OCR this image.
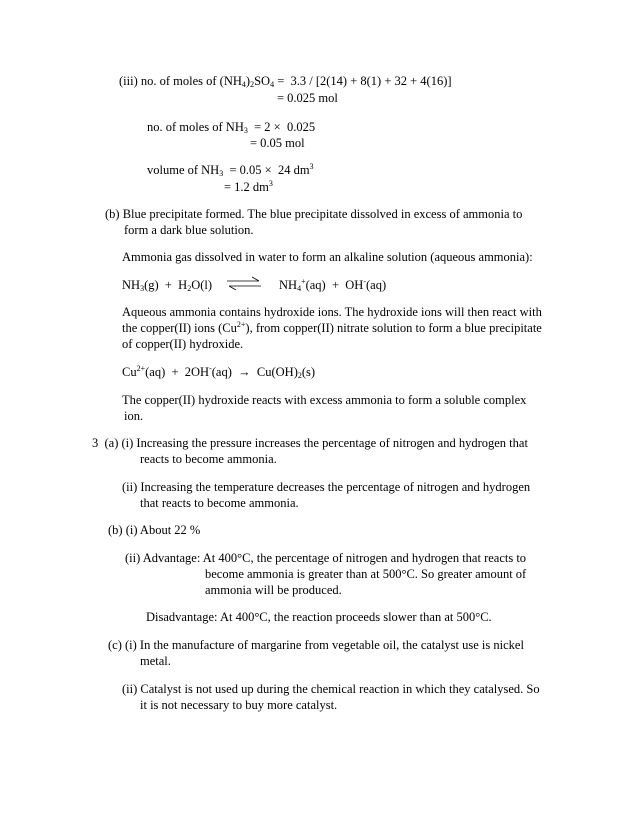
(iii) no. of moles of $(NH_4)_2SO_4 = 3.3 / [2(14) + 8(1) + 32 + 4(16)]$
= 0.025 mol
no. of moles of $NH_3 = 2 \times 0.025$
= 0.05 mol
volume of $NH_3 = 0.05 \times 24$ $dm^3$
= 1.2 $dm^3$
(b) Blue precipitate formed. The blue precipitate dissolved in excess of ammonia to
form a dark blue solution.
Ammonia gas dissolved in water to form an alkaline solution (aqueous ammonia):
$NH_3(g) + H_2O(l)$ ⇌ $NH_4^+(aq) + OH^-(aq)$
Aqueous ammonia contains hydroxide ions. The hydroxide ions will then react with
the copper(II) ions $(Cu^{2+})$, from copper(II) nitrate solution to form a blue precipitate
of copper(II) hydroxide.
$Cu^{2+}(aq) + 2OH^-(aq) \to Cu(OH)_2(s)$
The copper(II) hydroxide reacts with excess ammonia to form a soluble complex
ion.
3  (a) (i) Increasing the pressure increases the percentage of nitrogen and hydrogen that
reacts to become ammonia.
(ii) Increasing the temperature decreases the percentage of nitrogen and hydrogen
that reacts to become ammonia.
(b) (i) About 22 %
(ii) Advantage: At 400°C, the percentage of nitrogen and hydrogen that reacts to
become ammonia is greater than at 500°C. So greater amount of
ammonia will be produced.
Disadvantage: At 400°C, the reaction proceeds slower than at 500°C.
(c) (i) In the manufacture of margarine from vegetable oil, the catalyst use is nickel
metal.
(ii) Catalyst is not used up during the chemical reaction in which they catalysed. So
it is not necessary to buy more catalyst.
